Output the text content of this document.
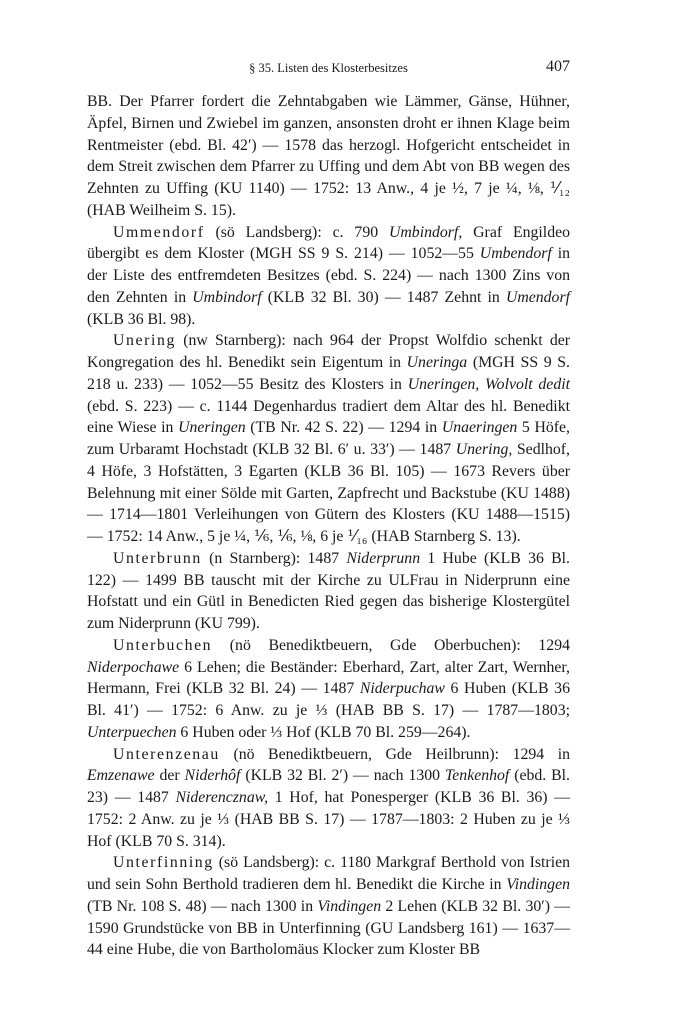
§ 35. Listen des Klosterbesitzes	407

BB. Der Pfarrer fordert die Zehntabgaben wie Lämmer, Gänse, Hühner, Äpfel, Birnen und Zwiebel im ganzen, ansonsten droht er ihnen Klage beim Rentmeister (ebd. Bl. 42′) — 1578 das herzogl. Hofgericht entscheidet in dem Streit zwischen dem Pfarrer zu Uffing und dem Abt von BB wegen des Zehnten zu Uffing (KU 1140) — 1752: 13 Anw., 4 je ½, 7 je ¼, ⅛, ⅟₁₂ (HAB Weilheim S. 15).

Ummendorf (sö Landsberg): c. 790 Umbindorf, Graf Engildeo übergibt es dem Kloster (MGH SS 9 S. 214) — 1052—55 Umbendorf in der Liste des entfremdeten Besitzes (ebd. S. 224) — nach 1300 Zins von den Zehnten in Umbindorf (KLB 32 Bl. 30) — 1487 Zehnt in Umendorf (KLB 36 Bl. 98).

Unering (nw Starnberg): nach 964 der Propst Wolfdio schenkt der Kongregation des hl. Benedikt sein Eigentum in Uneringa (MGH SS 9 S. 218 u. 233) — 1052—55 Besitz des Klosters in Uneringen, Wolvolt dedit (ebd. S. 223) — c. 1144 Degenhardus tradiert dem Altar des hl. Benedikt eine Wiese in Uneringen (TB Nr. 42 S. 22) — 1294 in Unaeringen 5 Höfe, zum Urbaramt Hochstadt (KLB 32 Bl. 6′ u. 33′) — 1487 Unering, Sedlhof, 4 Höfe, 3 Hofstätten, 3 Egarten (KLB 36 Bl. 105) — 1673 Revers über Belehnung mit einer Sölde mit Garten, Zapfrecht und Backstube (KU 1488) — 1714—1801 Verleihungen von Gütern des Klosters (KU 1488—1515) — 1752: 14 Anw., 5 je ¼, ⅙, ⅙, ⅛, 6 je ⅟₁₆ (HAB Starnberg S. 13).

Unterbrunn (n Starnberg): 1487 Niderprunn 1 Hube (KLB 36 Bl. 122) — 1499 BB tauscht mit der Kirche zu ULFrau in Niderprunn eine Hofstatt und ein Gütl in Benedicten Ried gegen das bisherige Klostergütel zum Niderprunn (KU 799).

Unterbuchen (nö Benediktbeuern, Gde Oberbuchen): 1294 Niderpochawe 6 Lehen; die Beständer: Eberhard, Zart, alter Zart, Wernher, Hermann, Frei (KLB 32 Bl. 24) — 1487 Niderpuchaw 6 Huben (KLB 36 Bl. 41′) — 1752: 6 Anw. zu je ⅓ (HAB BB S. 17) — 1787—1803; Unterpuechen 6 Huben oder ⅓ Hof (KLB 70 Bl. 259—264).

Unterenzenau (nö Benediktbeuern, Gde Heilbrunn): 1294 in Emzenawe der Niderhôf (KLB 32 Bl. 2′) — nach 1300 Tenkenhof (ebd. Bl. 23) — 1487 Niderencznaw, 1 Hof, hat Ponesperger (KLB 36 Bl. 36) — 1752: 2 Anw. zu je ⅓ (HAB BB S. 17) — 1787—1803: 2 Huben zu je ⅓ Hof (KLB 70 S. 314).

Unterfinning (sö Landsberg): c. 1180 Markgraf Berthold von Istrien und sein Sohn Berthold tradieren dem hl. Benedikt die Kirche in Vindingen (TB Nr. 108 S. 48) — nach 1300 in Vindingen 2 Lehen (KLB 32 Bl. 30′) — 1590 Grundstücke von BB in Unterfinning (GU Landsberg 161) — 1637—44 eine Hube, die von Bartholomäus Klocker zum Kloster BB
